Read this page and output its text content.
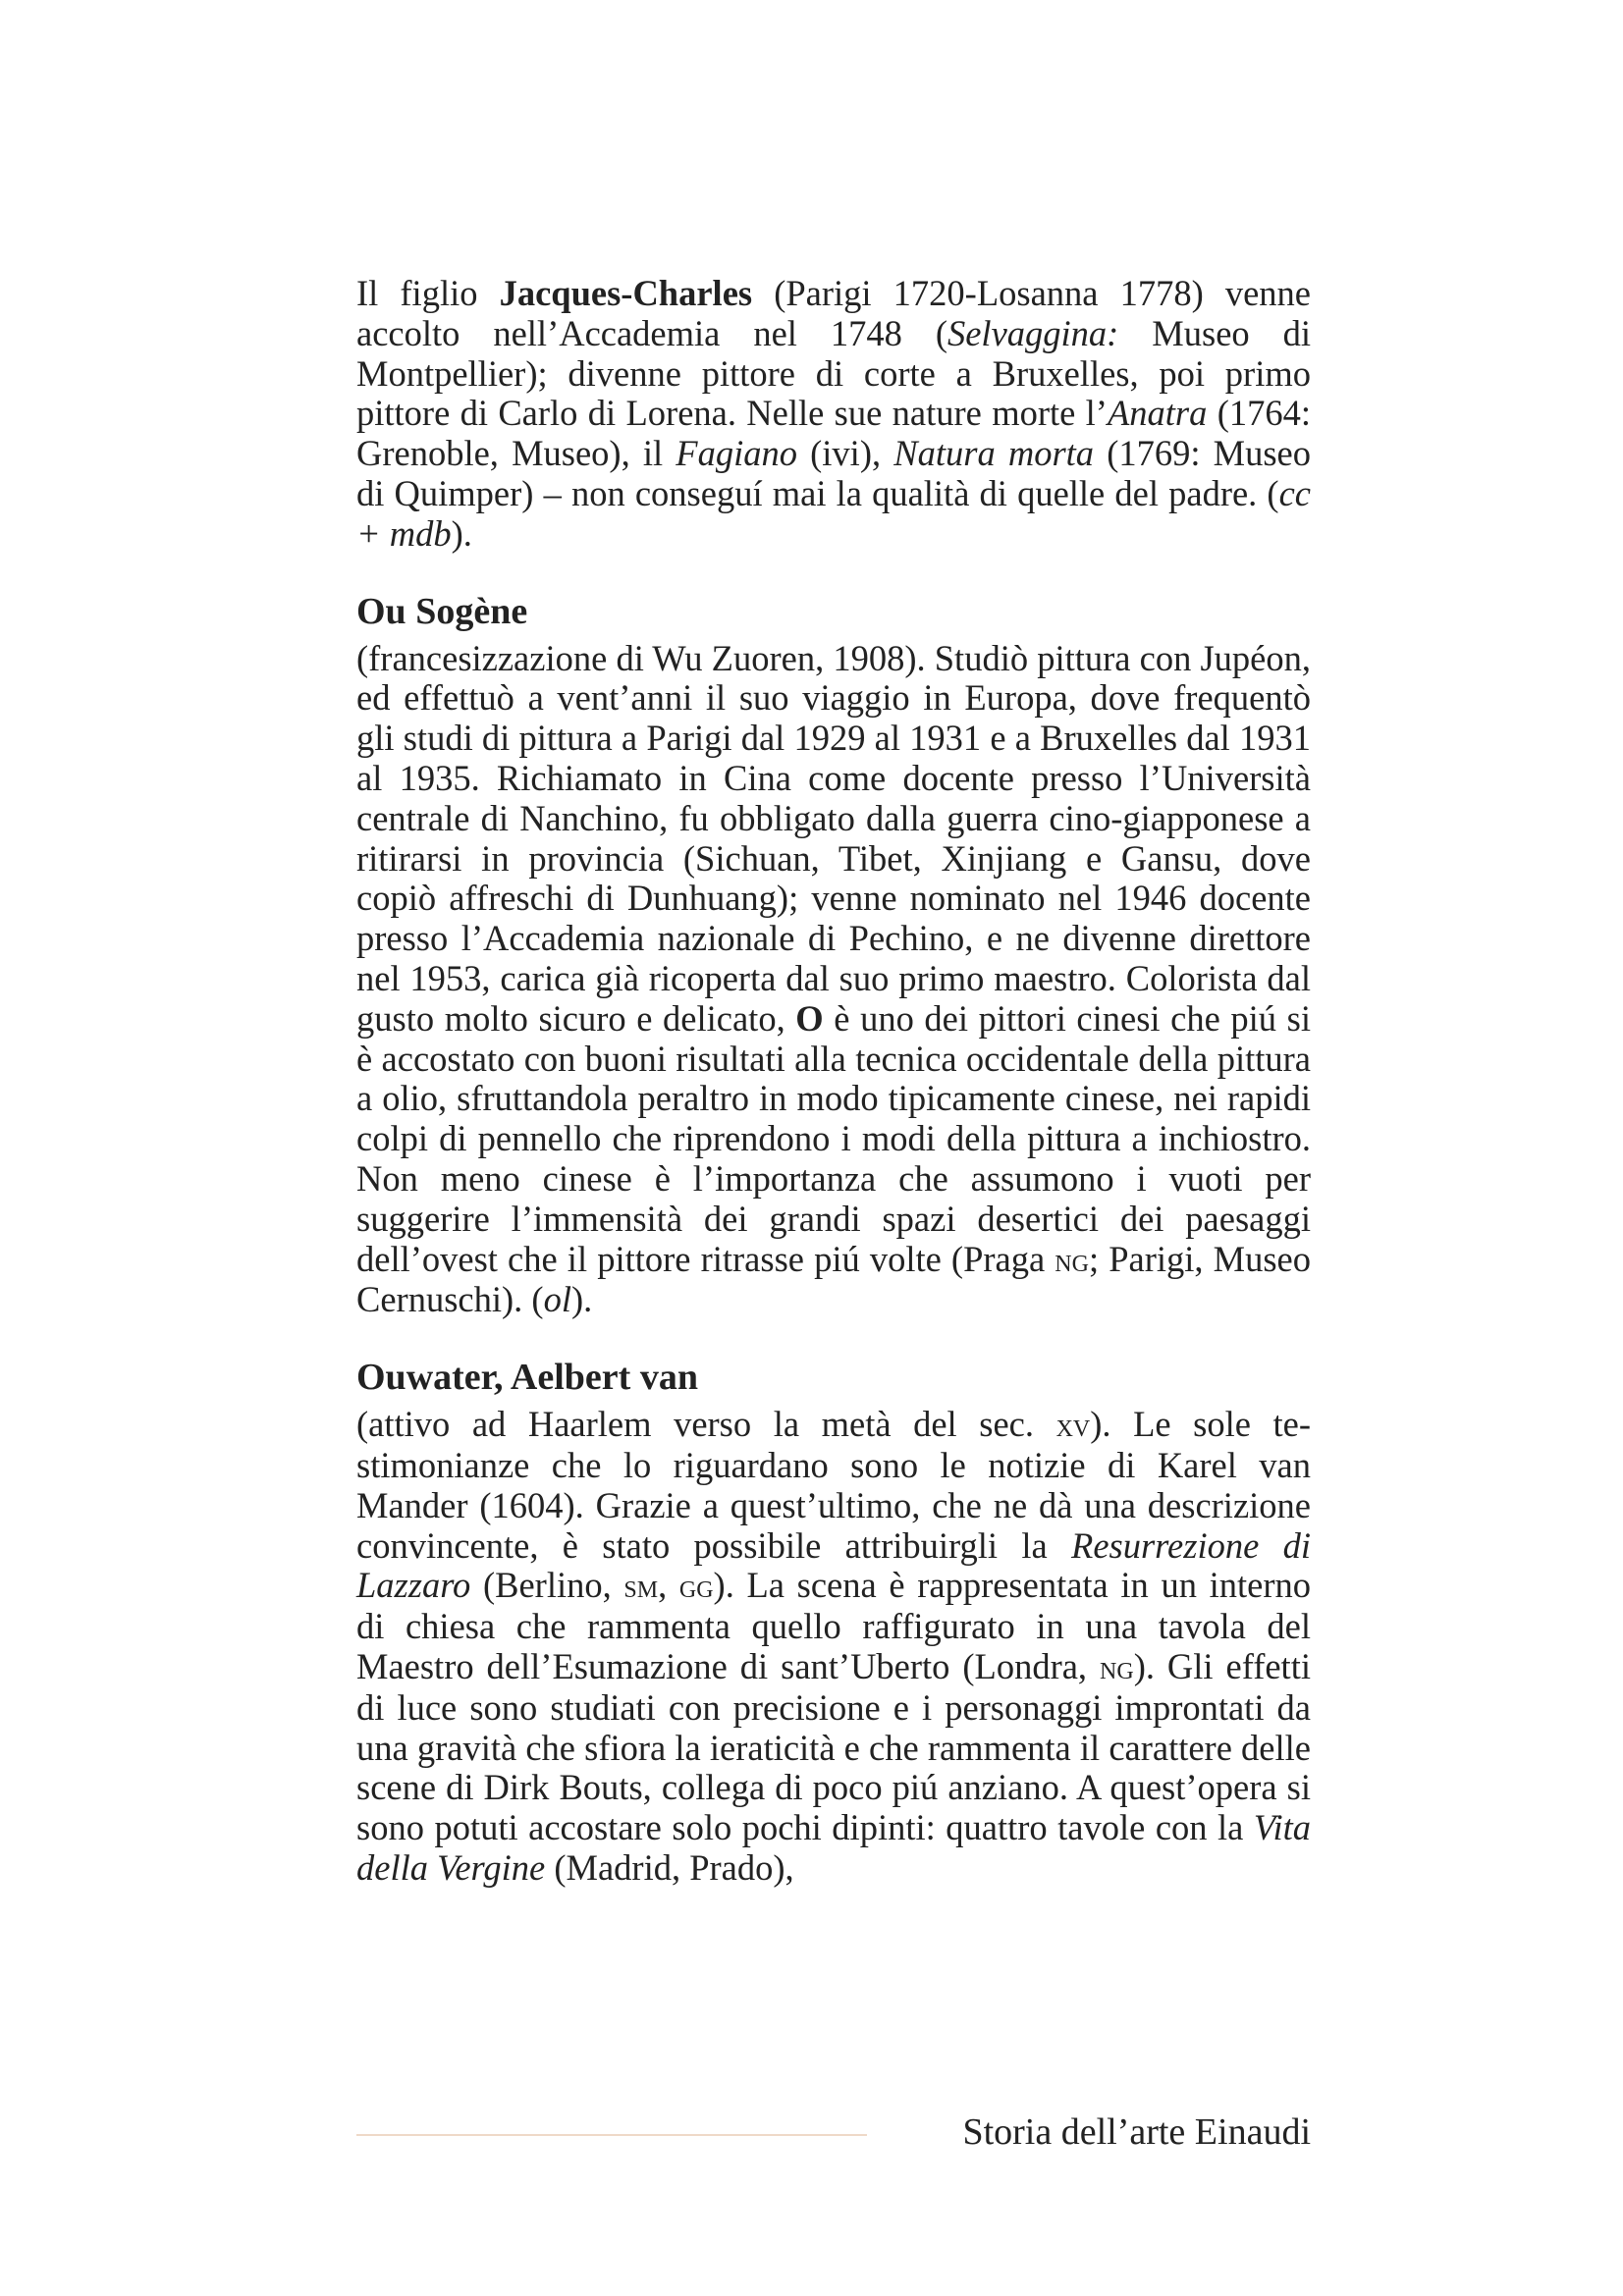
Il figlio Jacques-Charles (Parigi 1720-Losanna 1778) venne accolto nell’Accademia nel 1748 (Selvaggina: Museo di Montpellier); divenne pittore di corte a Bruxelles, poi primo pittore di Carlo di Lorena. Nelle sue nature morte l’Anatra (1764: Grenoble, Museo), il Fagiano (ivi), Natura morta (1769: Museo di Quimper) – non conseguí mai la qualità di quelle del padre. (cc + mdb).

Ou Sogène

(francesizzazione di Wu Zuoren, 1908). Studiò pittura con Jupéon, ed effettuò a vent’anni il suo viaggio in Europa, dove frequentò gli studi di pittura a Parigi dal 1929 al 1931 e a Bruxelles dal 1931 al 1935. Richiamato in Cina come docente presso l’Università centrale di Nanchino, fu obbligato dalla guerra cino-giapponese a ritirarsi in provincia (Sichuan, Tibet, Xinjiang e Gansu, dove copiò affreschi di Dunhuang); venne nominato nel 1946 docente presso l’Accademia nazionale di Pechino, e ne divenne direttore nel 1953, carica già ricoperta dal suo primo maestro. Colorista dal gusto molto sicuro e delicato, O è uno dei pittori cinesi che piú si è accostato con buoni risultati alla tecnica occidentale della pittura a olio, sfruttandola peraltro in modo tipicamente cinese, nei rapidi colpi di pennello che riprendono i modi della pittura a inchiostro. Non meno cinese è l’importanza che assumono i vuoti per suggerire l’immensità dei grandi spazi desertici dei paesaggi dell’ovest che il pittore ritrasse piú volte (Praga ng; Parigi, Museo Cernuschi). (ol).

Ouwater, Aelbert van

(attivo ad Haarlem verso la metà del sec. xv). Le sole testimonianze che lo riguardano sono le notizie di Karel van Mander (1604). Grazie a quest’ultimo, che ne dà una descrizione convincente, è stato possibile attribuirgli la Resurrezione di Lazzaro (Berlino, sm, gg). La scena è rappresentata in un interno di chiesa che rammenta quello raffigurato in una tavola del Maestro dell’Esumazione di sant’Uberto (Londra, ng). Gli effetti di luce sono studiati con precisione e i personaggi improntati da una gravità che sfiora la ieraticità e che rammenta il carattere delle scene di Dirk Bouts, collega di poco piú anziano. A quest’opera si sono potuti accostare solo pochi dipinti: quattro tavole con la Vita della Vergine (Madrid, Prado),

Storia dell’arte Einaudi
